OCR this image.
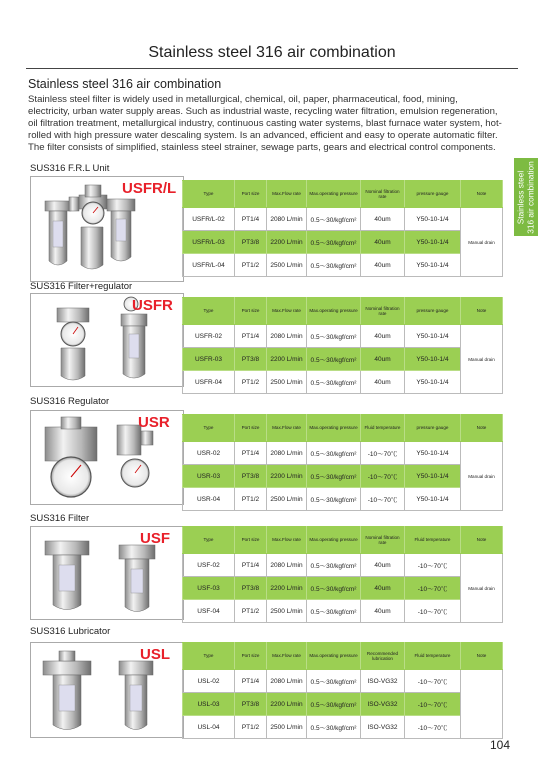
Stainless steel 316 air combination
Stainless steel 316 air combination
Stainless steel filter is widely used in metallurgical, chemical, oil, paper, pharmaceutical, food, mining, electricity, urban water supply areas. Such as industrial waste, recycling water filtration, emulsion regeneration, oil filtration treatment, metallurgical industry, continuous casting water systems, blast furnace water system, hot-rolled with high pressure water descaling system. Is an advanced, efficient and easy to operate automatic filter. The filter consists of simplified, stainless steel strainer, sewage parts, gears and electrical control components.
Stainless steel
316 air combination
SUS316 F.R.L Unit
USFR/L	Type	Port size	Max.Flow rate	Max.operating pressure	Nominal filtration rate	pressure gauge	Note
USFR/L-02	PT1/4	2080 L/min	0.5～30/kgf/cm²	40um	Y50-10-1/4	Manual drain
USFR/L-03	PT3/8	2200 L/min	0.5～30/kgf/cm²	40um	Y50-10-1/4	
USFR/L-04	PT1/2	2500 L/min	0.5～30/kgf/cm²	40um	Y50-10-1/4	
SUS316 Filter+regulator
USFR	Type	Port size	Max.Flow rate	Max.operating pressure	Nominal filtration rate	pressure gauge	Note
USFR-02	PT1/4	2080 L/min	0.5～30/kgf/cm²	40um	Y50-10-1/4	Manual drain
USFR-03	PT3/8	2200 L/min	0.5～30/kgf/cm²	40um	Y50-10-1/4	
USFR-04	PT1/2	2500 L/min	0.5～30/kgf/cm²	40um	Y50-10-1/4	
SUS316 Regulator
USR	Type	Port size	Max.Flow rate	Max.operating pressure	Fluid temperature	pressure gauge	Note
USR-02	PT1/4	2080 L/min	0.5～30/kgf/cm²	-10～70℃	Y50-10-1/4	Manual drain
USR-03	PT3/8	2200 L/min	0.5～30/kgf/cm²	-10～70℃	Y50-10-1/4	
USR-04	PT1/2	2500 L/min	0.5～30/kgf/cm²	-10～70℃	Y50-10-1/4	
SUS316 Filter
USF	Type	Port size	Max.Flow rate	Max.operating pressure	Nominal filtration rate	Fluid temperature	Note
USF-02	PT1/4	2080 L/min	0.5～30/kgf/cm²	40um	-10～70℃	Manual drain
USF-03	PT3/8	2200 L/min	0.5～30/kgf/cm²	40um	-10～70℃	
USF-04	PT1/2	2500 L/min	0.5～30/kgf/cm²	40um	-10～70℃	
SUS316 Lubricator
USL	Type	Port size	Max.Flow rate	Max.operating pressure	Recommended lubrication	Fluid temperature	Note
USL-02	PT1/4	2080 L/min	0.5～30/kgf/cm²	ISO-VG32	-10～70℃	
USL-03	PT3/8	2200 L/min	0.5～30/kgf/cm²	ISO-VG32	-10～70℃	
USL-04	PT1/2	2500 L/min	0.5～30/kgf/cm²	ISO-VG32	-10～70℃	
104
